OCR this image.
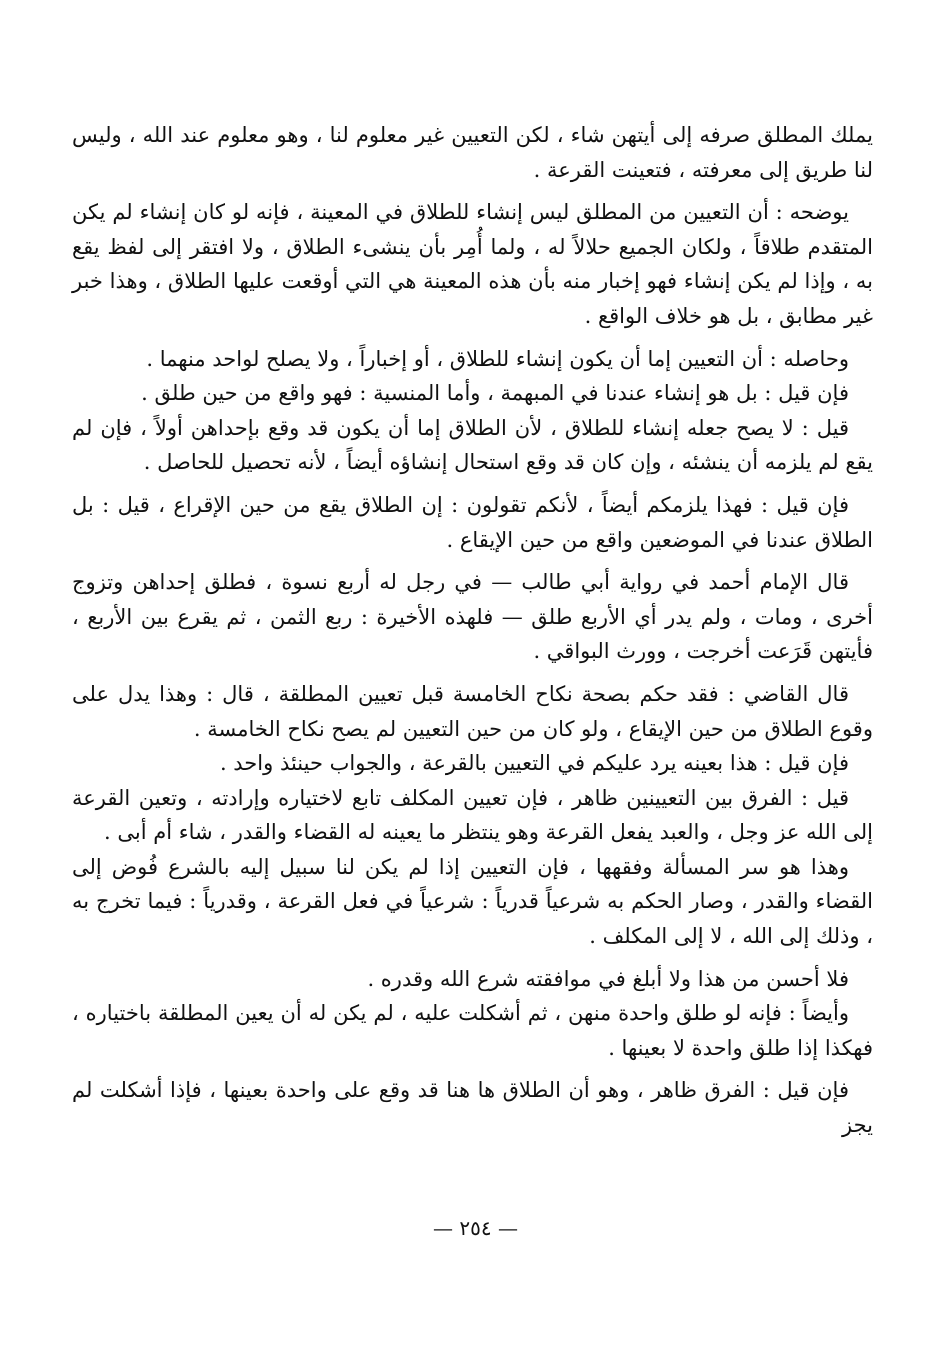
يملك المطلق صرفه إلى أيتهن شاء ، لكن التعيين غير معلوم لنا ، وهو معلوم عند الله ، وليس لنا طريق إلى معرفته ، فتعينت القرعة .

يوضحه : أن التعيين من المطلق ليس إنشاء للطلاق في المعينة ، فإنه لو كان إنشاء لم يكن المتقدم طلاقاً ، ولكان الجميع حلالاً له ، ولما أُمِر بأن ينشىء الطلاق ، ولا افتقر إلى لفظ يقع به ، وإذا لم يكن إنشاء فهو إخبار منه بأن هذه المعينة هي التي أوقعت عليها الطلاق ، وهذا خبر غير مطابق ، بل هو خلاف الواقع .

وحاصله : أن التعيين إما أن يكون إنشاء للطلاق ، أو إخباراً ، ولا يصلح لواحد منهما .

فإن قيل : بل هو إنشاء عندنا في المبهمة ، وأما المنسية : فهو واقع من حين طلق .

قيل : لا يصح جعله إنشاء للطلاق ، لأن الطلاق إما أن يكون قد وقع بإحداهن أولاً ، فإن لم يقع لم يلزمه أن ينشئه ، وإن كان قد وقع استحال إنشاؤه أيضاً ، لأنه تحصيل للحاصل .

فإن قيل : فهذا يلزمكم أيضاً ، لأنكم تقولون : إن الطلاق يقع من حين الإقراع ، قيل : بل الطلاق عندنا في الموضعين واقع من حين الإيقاع .

قال الإمام أحمد في رواية أبي طالب — في رجل له أربع نسوة ، فطلق إحداهن وتزوج أخرى ، ومات ، ولم يدر أي الأربع طلق — فلهذه الأخيرة : ربع الثمن ، ثم يقرع بين الأربع ، فأيتهن قَرَعت أخرجت ، وورث البواقي .

قال القاضي : فقد حكم بصحة نكاح الخامسة قبل تعيين المطلقة ، قال : وهذا يدل على وقوع الطلاق من حين الإيقاع ، ولو كان من حين التعيين لم يصح نكاح الخامسة .

فإن قيل : هذا بعينه يرد عليكم في التعيين بالقرعة ، والجواب حينئذ واحد .

قيل : الفرق بين التعيينين ظاهر ، فإن تعيين المكلف تابع لاختياره وإرادته ، وتعين القرعة إلى الله عز وجل ، والعبد يفعل القرعة وهو ينتظر ما يعينه له القضاء والقدر ، شاء أم أبى .

وهذا هو سر المسألة وفقهها ، فإن التعيين إذا لم يكن لنا سبيل إليه بالشرع فُوض إلى القضاء والقدر ، وصار الحكم به شرعياً قدرياً : شرعياً في فعل القرعة ، وقدرياً : فيما تخرج به ، وذلك إلى الله ، لا إلى المكلف .

فلا أحسن من هذا ولا أبلغ في موافقته شرع الله وقدره .

وأيضاً : فإنه لو طلق واحدة منهن ، ثم أشكلت عليه ، لم يكن له أن يعين المطلقة باختياره ، فهكذا إذا طلق واحدة لا بعينها .

فإن قيل : الفرق ظاهر ، وهو أن الطلاق ها هنا قد وقع على واحدة بعينها ، فإذا أشكلت لم يجز

— ٢٥٤ —
